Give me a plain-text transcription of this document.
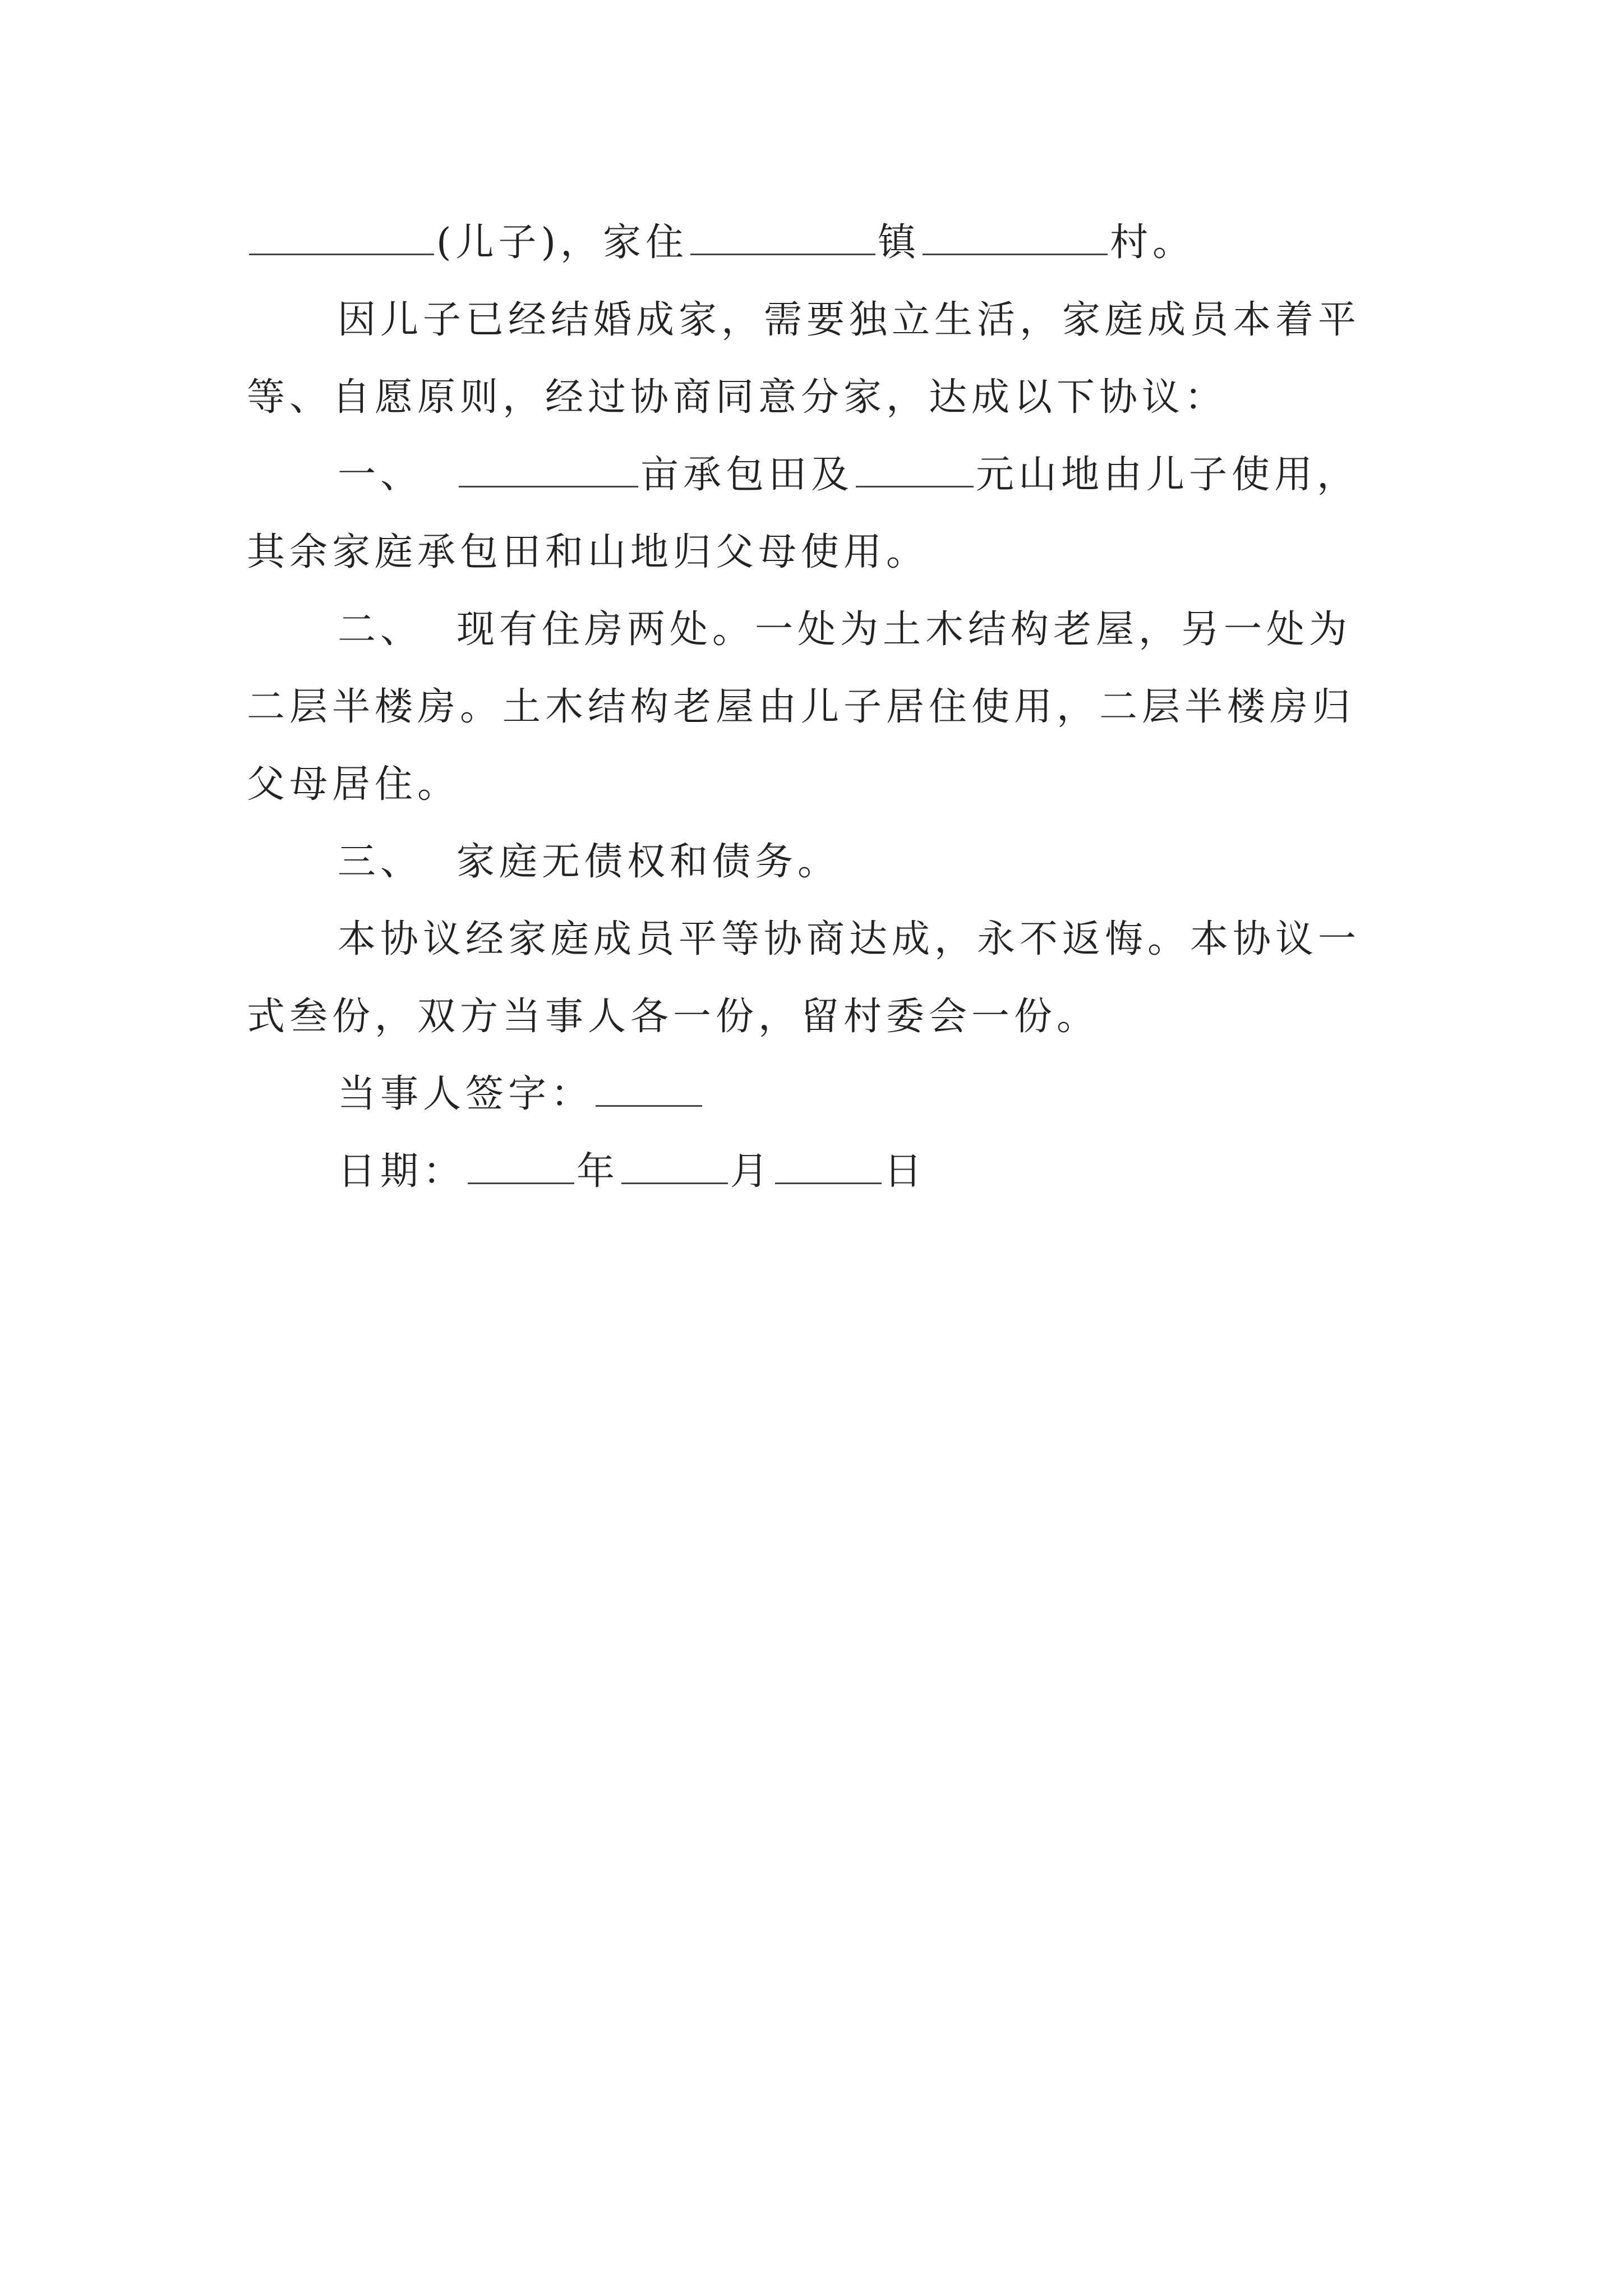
(儿子)，家住	镇	村。
因儿子已经结婚成家，需要独立生活，家庭成员本着平
等、自愿原则，经过协商同意分家，达成以下协议：
一、	亩承包田及	元山地由儿子使用，
其余家庭承包田和山地归父母使用。
二、 现有住房两处。一处为土木结构老屋，另一处为
二层半楼房。土木结构老屋由儿子居住使用，二层半楼房归
父母居住。
三、 家庭无债权和债务。
本协议经家庭成员平等协商达成，永不返悔。本协议一
式叁份，双方当事人各一份，留村委会一份。
当事人签字：
日期：	年	月	日
